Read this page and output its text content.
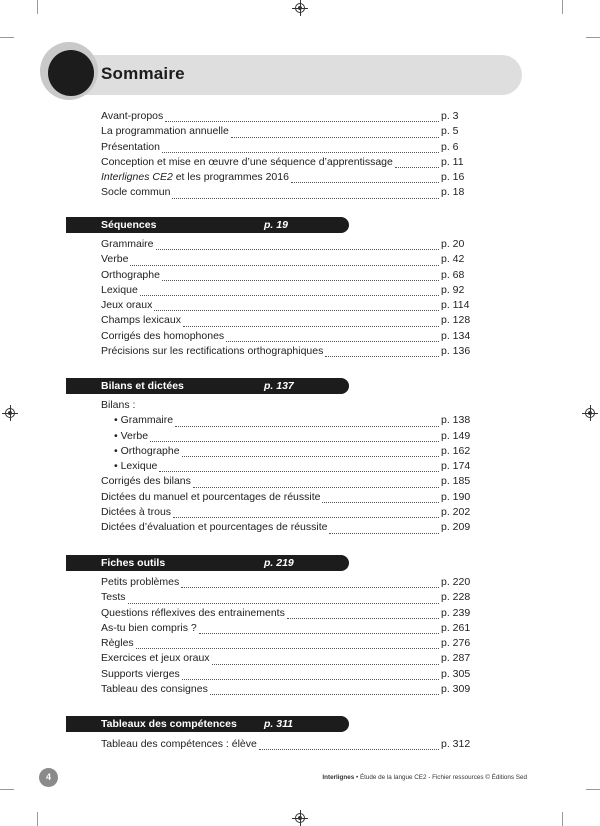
Sommaire
Avant-propos	p. 3
La programmation annuelle	p. 5
Présentation	p. 6
Conception et mise en œuvre d’une séquence d’apprentissage	p. 11
Interlignes CE2 et les programmes 2016	p. 16
Socle commun	p. 18
Séquences	p. 19
Grammaire	p. 20
Verbe	p. 42
Orthographe	p. 68
Lexique	p. 92
Jeux oraux	p. 114
Champs lexicaux	p. 128
Corrigés des homophones	p. 134
Précisions sur les rectifications orthographiques	p. 136
Bilans et dictées	p. 137
Bilans :
• Grammaire	p. 138
• Verbe	p. 149
• Orthographe	p. 162
• Lexique	p. 174
Corrigés des bilans	p. 185
Dictées du manuel et pourcentages de réussite	p. 190
Dictées à trous	p. 202
Dictées d’évaluation et pourcentages de réussite	p. 209
Fiches outils	p. 219
Petits problèmes	p. 220
Tests	p. 228
Questions réflexives des entrainements	p. 239
As-tu bien compris ?	p. 261
Règles	p. 276
Exercices et jeux oraux	p. 287
Supports vierges	p. 305
Tableau des consignes	p. 309
Tableaux des compétences	p. 311
Tableau des compétences : élève	p. 312
4	Interlignes • Étude de la langue CE2 - Fichier ressources © Éditions Sed
